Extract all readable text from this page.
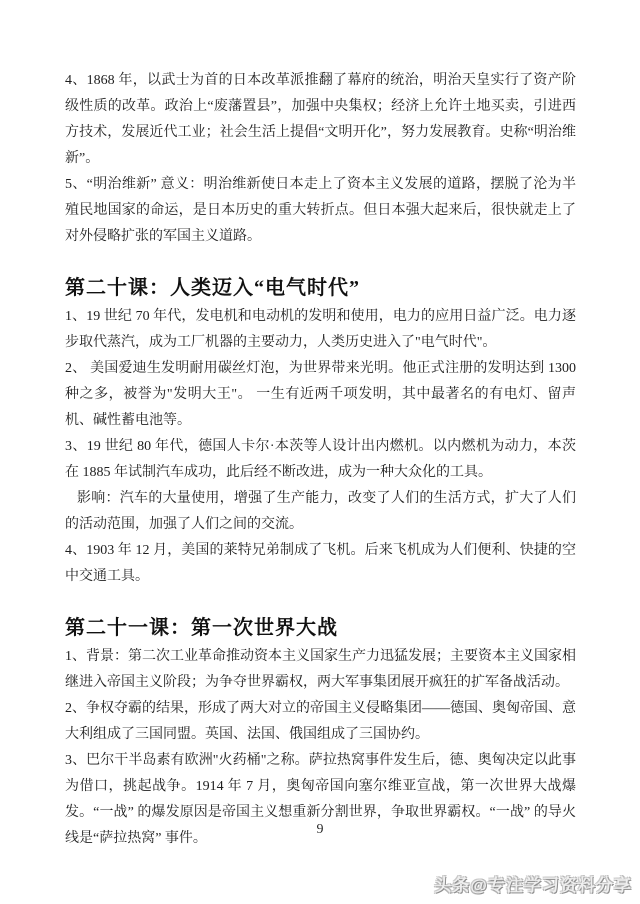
4、1868 年，以武士为首的日本改革派推翻了幕府的统治，明治天皇实行了资产阶级性质的改革。政治上“废藩置县”，加强中央集权；经济上允许土地买卖，引进西方技术，发展近代工业；社会生活上提倡“文明开化”，努力发展教育。史称“明治维新”。

5、“明治维新” 意义：明治维新使日本走上了资本主义发展的道路，摆脱了沦为半殖民地国家的命运，是日本历史的重大转折点。但日本强大起来后，很快就走上了对外侵略扩张的军国主义道路。

第二十课：人类迈入“电气时代”

1、19 世纪 70 年代，发电机和电动机的发明和使用，电力的应用日益广泛。电力逐步取代蒸汽，成为工厂机器的主要动力，人类历史进入了"电气时代"。

2、 美国爱迪生发明耐用碳丝灯泡，为世界带来光明。他正式注册的发明达到 1300 种之多，被誉为"发明大王"。 一生有近两千项发明，其中最著名的有电灯、留声机、碱性蓄电池等。

3、19 世纪 80 年代，德国人卡尔·本茨等人设计出内燃机。以内燃机为动力，本茨在 1885 年试制汽车成功，此后经不断改进，成为一种大众化的工具。

影响：汽车的大量使用，增强了生产能力，改变了人们的生活方式，扩大了人们的活动范围，加强了人们之间的交流。

4、1903 年 12 月，美国的莱特兄弟制成了飞机。后来飞机成为人们便利、快捷的空中交通工具。

第二十一课：第一次世界大战

1、背景：第二次工业革命推动资本主义国家生产力迅猛发展；主要资本主义国家相继进入帝国主义阶段；为争夺世界霸权，两大军事集团展开疯狂的扩军备战活动。

2、争权夺霸的结果，形成了两大对立的帝国主义侵略集团——德国、奥匈帝国、意大利组成了三国同盟。英国、法国、俄国组成了三国协约。

3、巴尔干半岛素有欧洲"火药桶"之称。萨拉热窝事件发生后，德、奥匈决定以此事为借口，挑起战争。1914 年 7 月，奥匈帝国向塞尔维亚宣战，第一次世界大战爆发。“一战” 的爆发原因是帝国主义想重新分割世界，争取世界霸权。“一战” 的导火线是“萨拉热窝” 事件。

9
头条@专注学习资料分享
